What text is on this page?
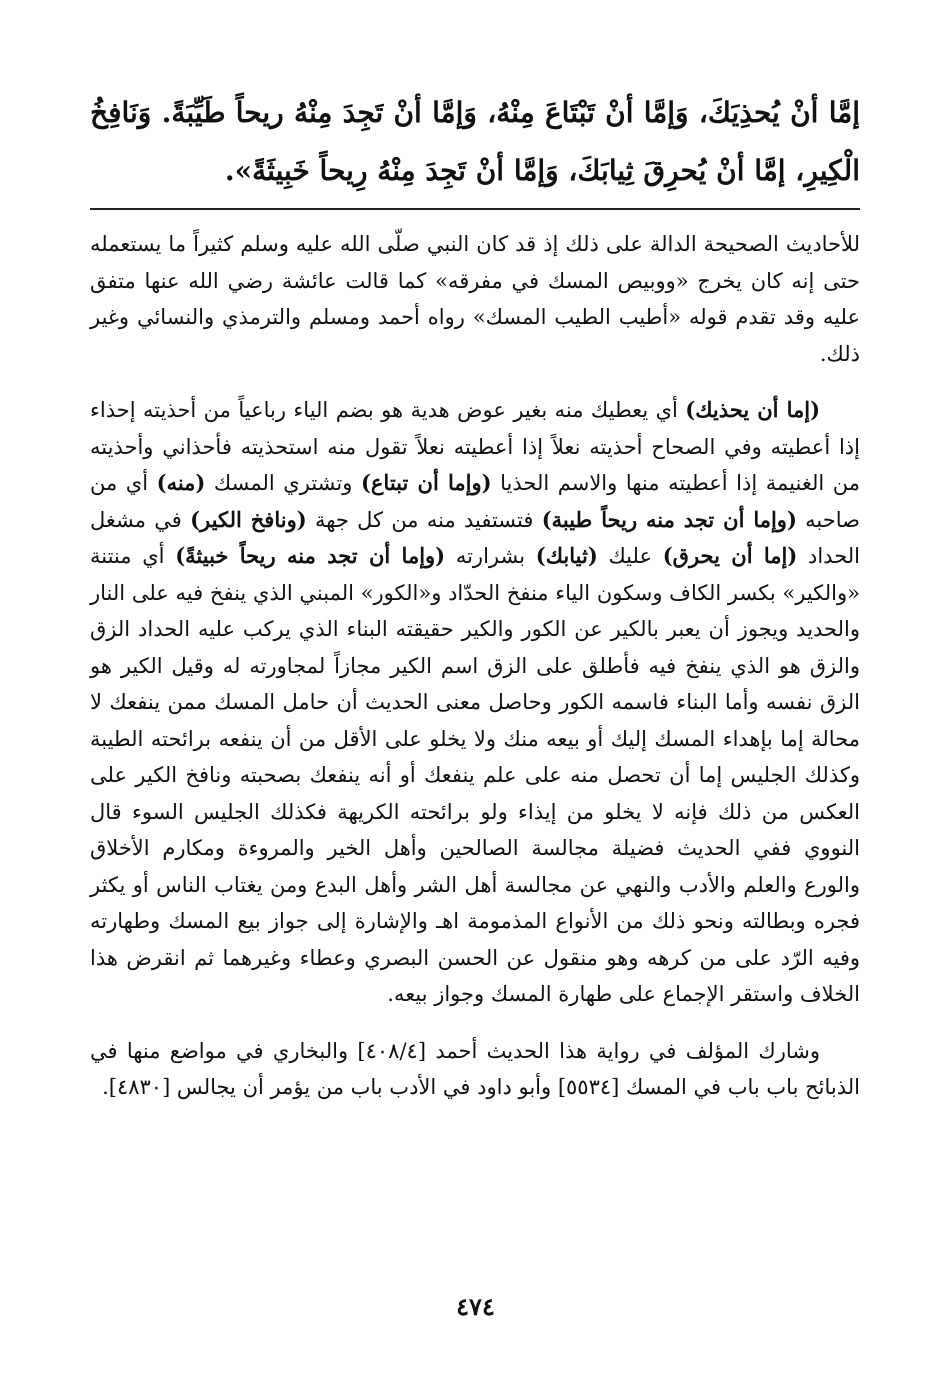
إمَّا أنْ يُحذِيَكَ، وَإمَّا أنْ تَبْتَاعَ مِنْهُ، وَإمَّا أنْ تَجِدَ مِنْهُ ريحاً طَيِّبَةً. وَنَافِخُ الْكِيرِ، إمَّا أنْ يُحرِقَ ثِيابَكَ، وَإمَّا أنْ تَجِدَ مِنْهُ رِيحاً خَبِيثَةً».

للأحاديث الصحيحة الدالة على ذلك إذ قد كان النبي صلّى الله عليه وسلم كثيراً ما يستعمله حتى إنه كان يخرج «ووبيص المسك في مفرقه» كما قالت عائشة رضي الله عنها متفق عليه وقد تقدم قوله «أطيب الطيب المسك» رواه أحمد ومسلم والترمذي والنسائي وغير ذلك.

(إما أن يحذيك) أي يعطيك منه بغير عوض هدية هو بضم الياء رباعياً من أحذيته إحذاء إذا أعطيته وفي الصحاح أحذيته نعلاً إذا أعطيته نعلاً تقول منه استحذيته فأحذاني وأحذيته من الغنيمة إذا أعطيته منها والاسم الحذيا (وإما أن تبتاع) وتشتري المسك (منه) أي من صاحبه (وإما أن تجد منه ريحاً طيبة) فتستفيد منه من كل جهة (ونافخ الكير) في مشغل الحداد (إما أن يحرق) عليك (ثيابك) بشرارته (وإما أن تجد منه ريحاً خبيثةً) أي منتنة «والكير» بكسر الكاف وسكون الياء منفخ الحدّاد و«الكور» المبني الذي ينفخ فيه على النار والحديد ويجوز أن يعبر بالكير عن الكور والكير حقيقته البناء الذي يركب عليه الحداد الزق والزق هو الذي ينفخ فيه فأطلق على الزق اسم الكير مجازاً لمجاورته له وقيل الكير هو الزق نفسه وأما البناء فاسمه الكور وحاصل معنى الحديث أن حامل المسك ممن ينفعك لا محالة إما بإهداء المسك إليك أو بيعه منك ولا يخلو على الأقل من أن ينفعه برائحته الطيبة وكذلك الجليس إما أن تحصل منه على علم ينفعك أو أنه ينفعك بصحبته ونافخ الكير على العكس من ذلك فإنه لا يخلو من إيذاء ولو برائحته الكريهة فكذلك الجليس السوء قال النووي ففي الحديث فضيلة مجالسة الصالحين وأهل الخير والمروءة ومكارم الأخلاق والورع والعلم والأدب والنهي عن مجالسة أهل الشر وأهل البدع ومن يغتاب الناس أو يكثر فجره وبطالته ونحو ذلك من الأنواع المذمومة اهـ والإشارة إلى جواز بيع المسك وطهارته وفيه الرّد على من كرهه وهو منقول عن الحسن البصري وعطاء وغيرهما ثم انقرض هذا الخلاف واستقر الإجماع على طهارة المسك وجواز بيعه.

وشارك المؤلف في رواية هذا الحديث أحمد [٤٠٨/٤] والبخاري في مواضع منها في الذبائح باب باب في المسك [٥٥٣٤] وأبو داود في الأدب باب من يؤمر أن يجالس [٤٨٣٠].

٤٧٤
